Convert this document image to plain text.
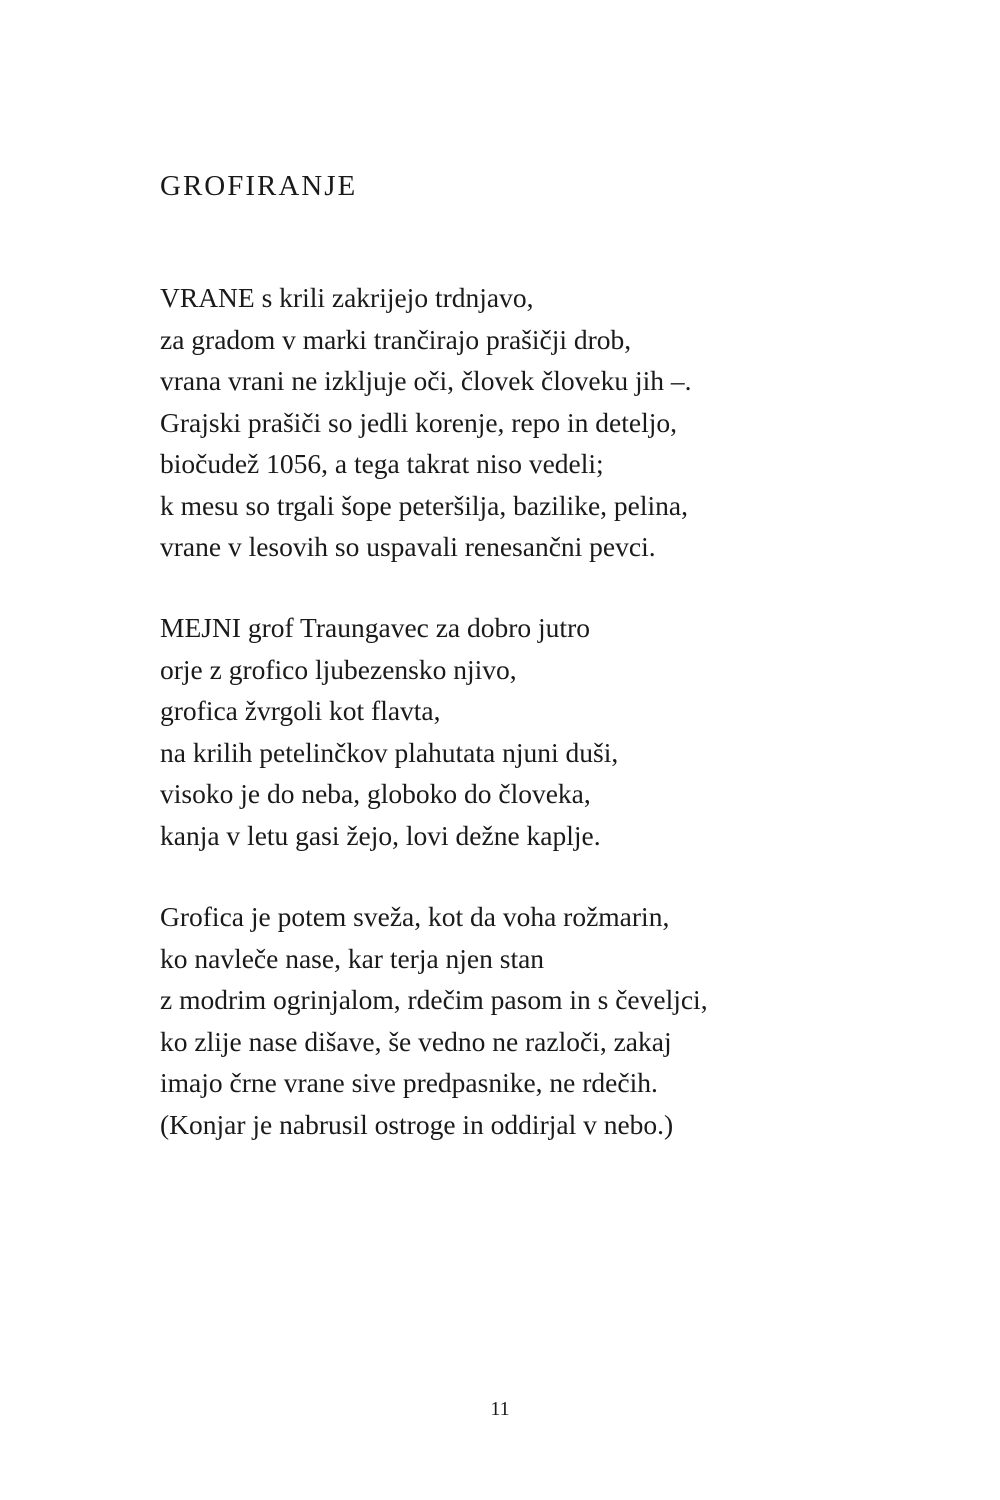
GROFIRANJE
VRANE s krili zakrijejo trdnjavo,
za gradom v marki trančirajo prašičji drob,
vrana vrani ne izkljuje oči, človek človeku jih –.
Grajski prašiči so jedli korenje, repo in deteljo,
biočudež 1056, a tega takrat niso vedeli;
k mesu so trgali šope peteršilja, bazilike, pelina,
vrane v lesovih so uspavali renesančni pevci.
MEJNI grof Traungavec za dobro jutro
orje z grofico ljubezensko njivo,
grofica žvrgoli kot flavta,
na krilih petelinčkov plahutata njuni duši,
visoko je do neba, globoko do človeka,
kanja v letu gasi žejo, lovi dežne kaplje.
Grofica je potem sveža, kot da voha rožmarin,
ko navleče nase, kar terja njen stan
z modrim ogrinjalom, rdečim pasom in s čeveljci,
ko zlije nase dišave, še vedno ne razloči, zakaj
imajo črne vrane sive predpasnike, ne rdečih.
(Konjar je nabrusil ostroge in oddirjal v nebo.)
11
